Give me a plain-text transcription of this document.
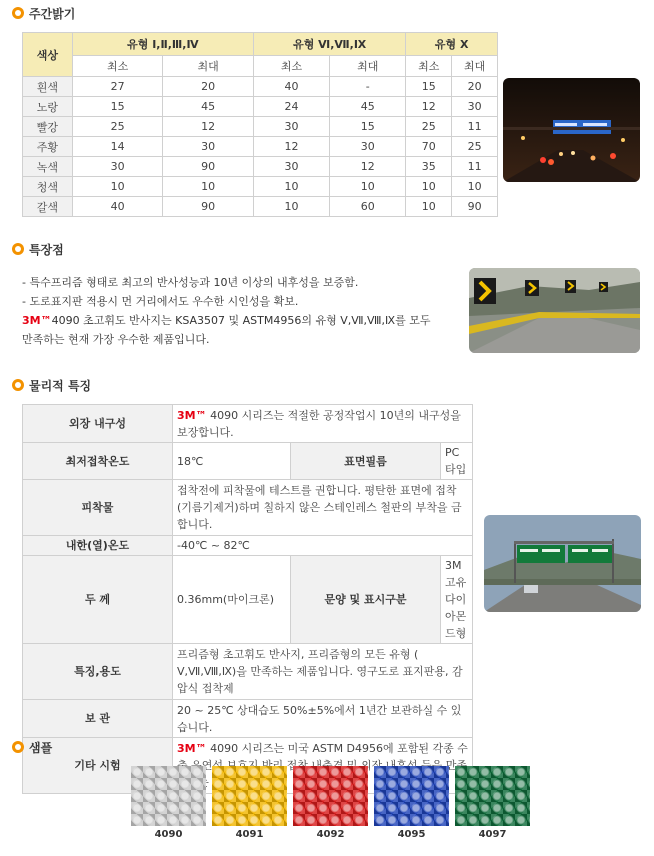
주간밝기
색상	유형 Ⅰ,Ⅱ,Ⅲ,Ⅳ		유형 Ⅵ,Ⅶ,Ⅸ		유형 Ⅹ	
	최소	최대	최소	최대	최소	최대
흰색	27	20	40	-	15	20
노랑	15	45	24	45	12	30
빨강	25	12	30	15	25	11
주황	14	30	12	30	70	25
녹색	30	90	30	12	35	11
청색	10	10	10	10	10	10
갈색	40	90	10	60	10	90
특장점
- 특수프리즘 형태로 최고의 반사성능과 10년 이상의 내후성을 보증함.
- 도로표지판 적용시 먼 거리에서도 우수한 시인성을 확보.
3M™4090 초고휘도 반사지는 KSA3507 및 ASTM4956의 유형 Ⅴ,Ⅶ,Ⅷ,Ⅸ를 모두
만족하는 현재 가장 우수한 제품입니다.
물리적 특징
외장 내구성	3M™ 4090 시리즈는 적절한 공정작업시 10년의 내구성을 보장합니다.		
최저접착온도	18℃	표면필름	PC타입
피착물	접착전에 피착물에 테스트를 권합니다. 평탄한 표면에 접착(기름기제거)하며 칠하지 않은 스테인레스 철판의 부착을 금합니다.		
내한(열)온도	-40℃ ~ 82℃		
두 께	0.36mm(마이크론)	문양 및 표시구분	3M고유 다이아몬드형
특징,용도	프리즘형 초고휘도 반사지, 프리즘형의 모든 유형 ( Ⅴ,Ⅶ,Ⅷ,Ⅸ)을 만족하는 제품입니다. 영구도로 표지판용, 감압식 접착제		
보 관	20 ~ 25℃ 상대습도 50%±5%에서 1년간 보관하실 수 있습니다.		
기타 시험	3M™ 4090 시리즈는 미국 ASTM D4956에 포함된 각종 수		
샘플
4090	4091	4092	4095	4097
